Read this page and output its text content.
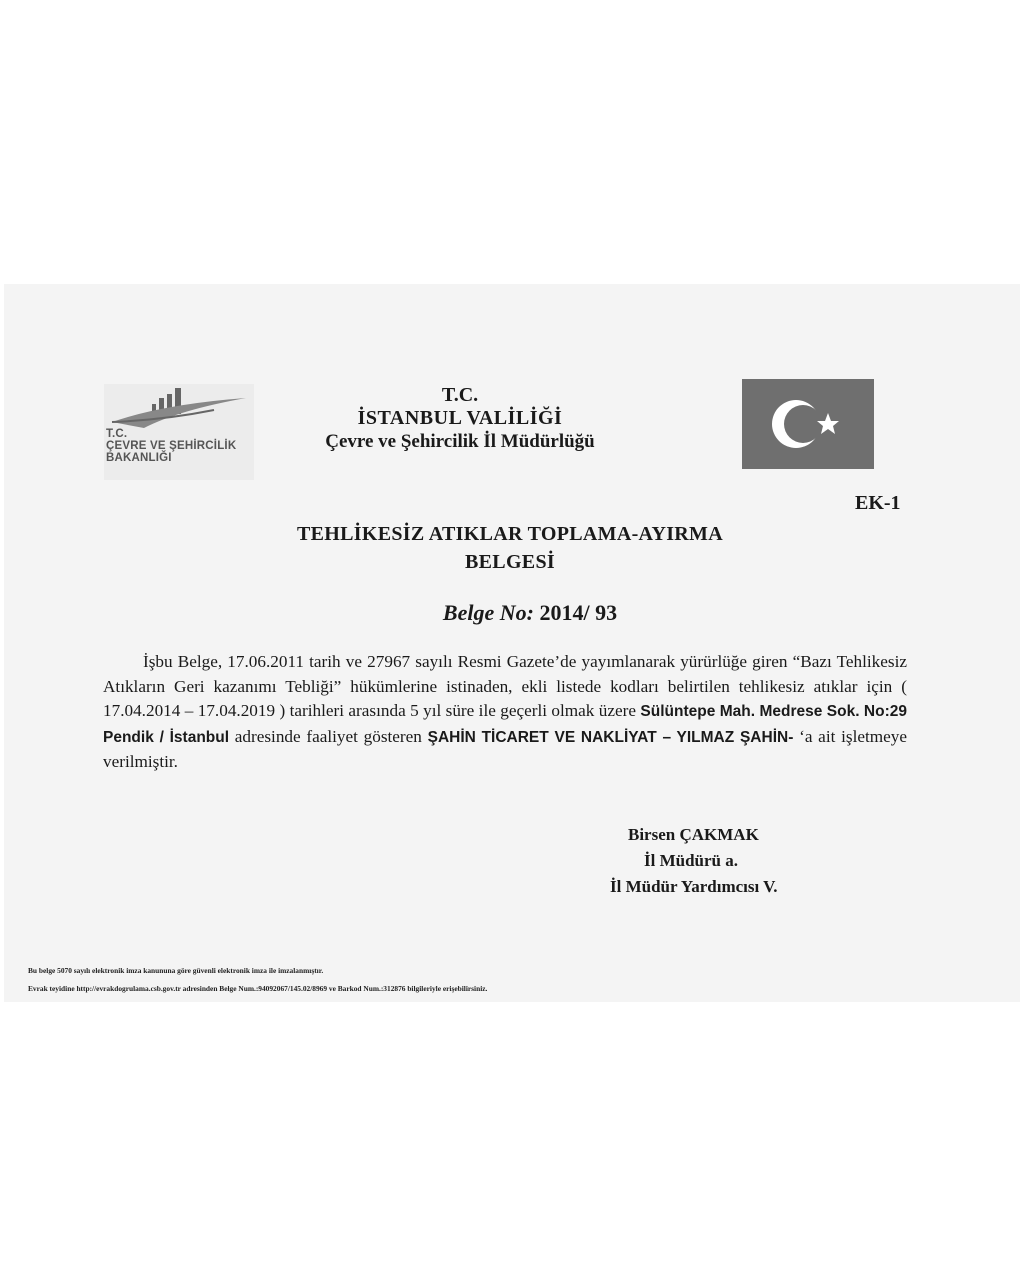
T.C.
ÇEVRE VE ŞEHİRCİLİK
BAKANLIĞI
T.C.
İSTANBUL VALİLİĞİ
Çevre ve Şehircilik İl Müdürlüğü
EK-1
TEHLİKESİZ ATIKLAR TOPLAMA-AYIRMA
BELGESİ
Belge No: 2014/ 93

İşbu Belge, 17.06.2011 tarih ve 27967 sayılı Resmi Gazete’de yayımlanarak yürürlüğe giren “Bazı Tehlikesiz Atıkların Geri kazanımı Tebliği” hükümlerine istinaden, ekli listede kodları belirtilen tehlikesiz atıklar için ( 17.04.2014 – 17.04.2019 ) tarihleri arasında 5 yıl süre ile geçerli olmak üzere Sülüntepe Mah. Medrese Sok. No:29 Pendik / İstanbul adresinde faaliyet gösteren ŞAHİN TİCARET VE NAKLİYAT – YILMAZ ŞAHİN- ‘a ait işletmeye verilmiştir.

Birsen ÇAKMAK
İl Müdürü a.
İl Müdür Yardımcısı V.
Bu belge 5070 sayılı elektronik imza kanununa göre güvenli elektronik imza ile imzalanmıştır.
Evrak teyidine http://evrakdogrulama.csb.gov.tr adresinden Belge Num.:94092067/145.02/8969 ve Barkod Num.:312876 bilgileriyle erişebilirsiniz.
